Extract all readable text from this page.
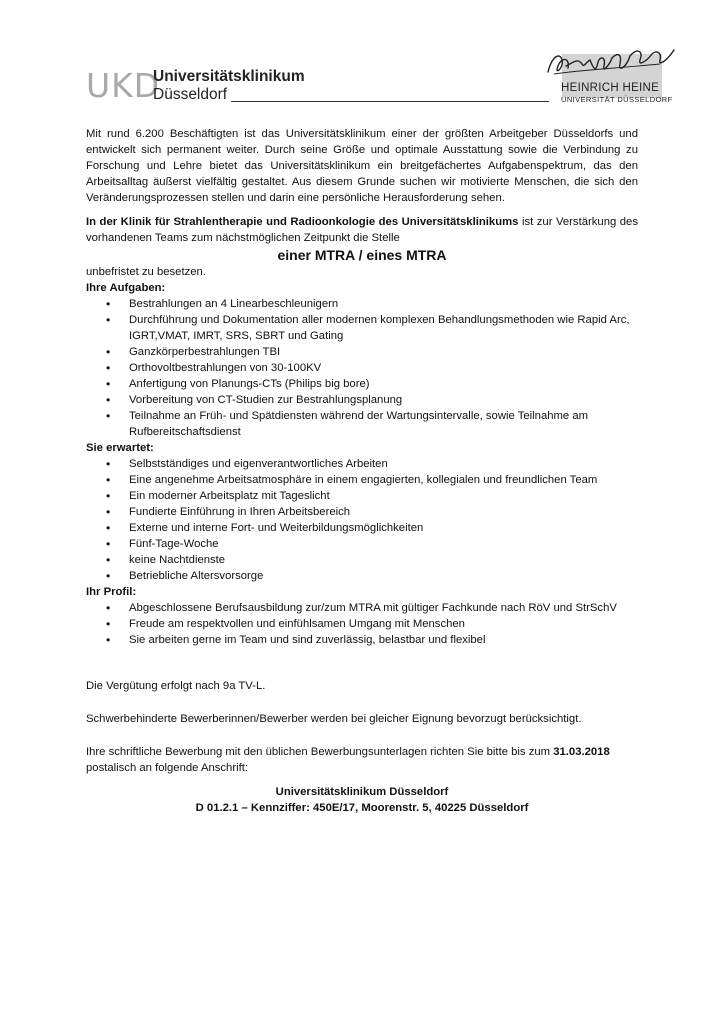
UKD
Universitätsklinikum
Düsseldorf	HEINRICH HEINE
UNIVERSITÄT DÜSSELDORF

Mit rund 6.200 Beschäftigten ist das Universitätsklinikum einer der größten Arbeitgeber Düsseldorfs und entwickelt sich permanent weiter. Durch seine Größe und optimale Ausstattung sowie die Verbindung zu Forschung und Lehre bietet das Universitätsklinikum ein breitgefächertes Aufgabenspektrum, das den Arbeitsalltag äußerst vielfältig gestaltet. Aus diesem Grunde suchen wir motivierte Menschen, die sich den Veränderungsprozessen stellen und darin eine persönliche Herausforderung sehen.

In der Klinik für Strahlentherapie und Radioonkologie des Universitätsklinikums ist zur Verstärkung des vorhandenen Teams zum nächstmöglichen Zeitpunkt die Stelle

einer MTRA / eines MTRA

unbefristet zu besetzen.

Ihre Aufgaben:

• Bestrahlungen an 4 Linearbeschleunigern
• Durchführung und Dokumentation aller modernen komplexen Behandlungsmethoden wie Rapid Arc, IGRT,VMAT, IMRT, SRS, SBRT und Gating
• Ganzkörperbestrahlungen TBI
• Orthovoltbestrahlungen von 30-100KV
• Anfertigung von Planungs-CTs (Philips big bore)
• Vorbereitung von CT-Studien zur Bestrahlungsplanung
• Teilnahme an Früh- und Spätdiensten während der Wartungsintervalle, sowie Teilnahme am Rufbereitschaftsdienst

Sie erwartet:

• Selbstständiges und eigenverantwortliches Arbeiten
• Eine angenehme Arbeitsatmosphäre in einem engagierten, kollegialen und freundlichen Team
• Ein moderner Arbeitsplatz mit Tageslicht
• Fundierte Einführung in Ihren Arbeitsbereich
• Externe und interne Fort- und Weiterbildungsmöglichkeiten
• Fünf-Tage-Woche
• keine Nachtdienste
• Betriebliche Altersvorsorge

Ihr Profil:

• Abgeschlossene Berufsausbildung zur/zum MTRA mit gültiger Fachkunde nach RöV und StrSchV
• Freude am respektvollen und einfühlsamen Umgang mit Menschen
• Sie arbeiten gerne im Team und sind zuverlässig, belastbar und flexibel

Die Vergütung erfolgt nach 9a TV-L.

Schwerbehinderte Bewerberinnen/Bewerber werden bei gleicher Eignung bevorzugt berücksichtigt.

Ihre schriftliche Bewerbung mit den üblichen Bewerbungsunterlagen richten Sie bitte bis zum 31.03.2018

postalisch an folgende Anschrift:

Universitätsklinikum Düsseldorf

D 01.2.1 – Kennziffer: 450E/17, Moorenstr. 5, 40225 Düsseldorf
